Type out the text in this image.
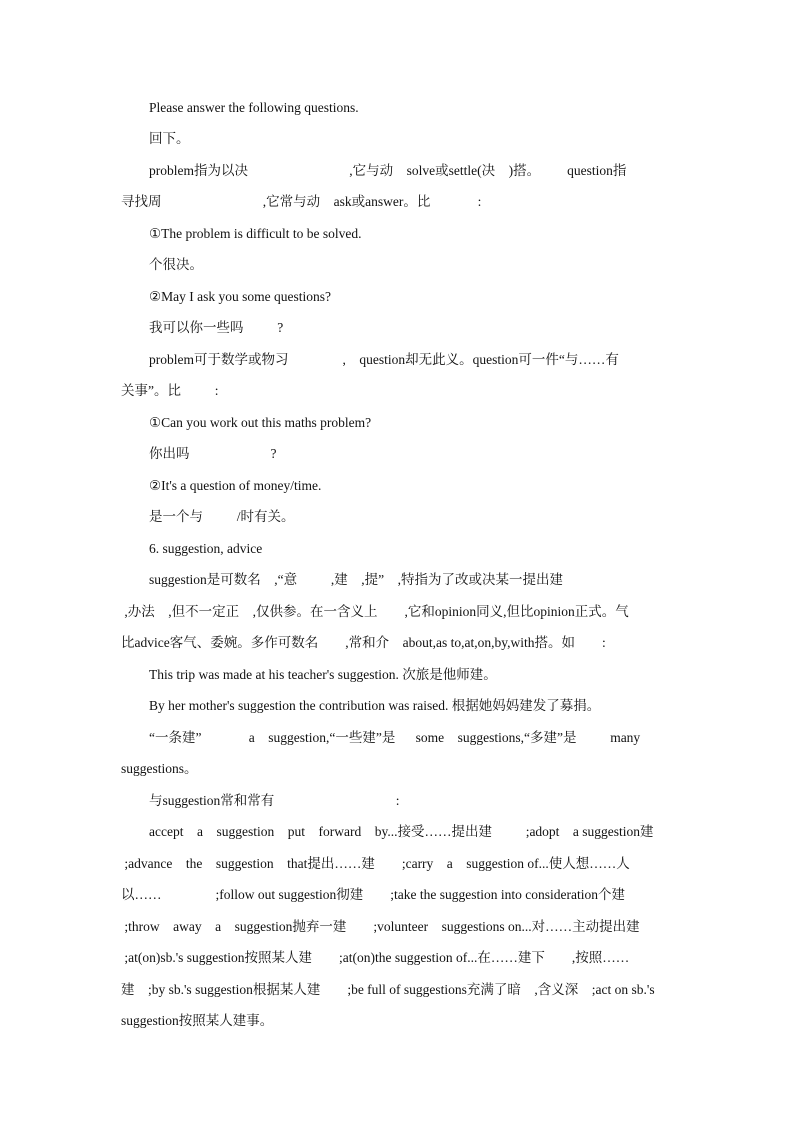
Please answer the following questions.
回下。
problem指为以决                              ,它与动    solve或settle(决    )搭。        question指
寻找周                              ,它常与动    ask或answer。比              :
①The problem is difficult to be solved.
个很决。
②May I ask you some questions?
我可以你一些吗          ?
problem可于数学或物习                ,    question却无此义。question可一件“与……有
关事”。比          :
①Can you work out this maths problem?
你出吗                        ?
②It's a question of money/time.
是一个与          /时有关。
6. suggestion, advice
suggestion是可数名    ,“意          ,建    ,提”    ,特指为了改或决某一提出建
,办法    ,但不一定正    ,仅供参。在一含义上        ,它和opinion同义,但比opinion正式。气
比advice客气、委婉。多作可数名        ,常和介    about,as to,at,on,by,with搭。如        :
This trip was made at his teacher's suggestion. 次旅是他师建。
By her mother's suggestion the contribution was raised. 根据她妈妈建发了募捐。
“一条建”              a    suggestion,“一些建”是      some    suggestions,“多建”是          many
suggestions。
与suggestion常和常有                                    :
accept    a    suggestion    put    forward    by...接受……提出建          ;adopt    a suggestion建
;advance    the    suggestion    that提出……建        ;carry    a    suggestion of...使人想……人
以……                ;follow out suggestion彻建        ;take the suggestion into consideration个建
;throw    away    a    suggestion抛弃一建        ;volunteer    suggestions on...对……主动提出建
;at(on)sb.'s suggestion按照某人建        ;at(on)the suggestion of...在……建下        ,按照……
建    ;by sb.'s suggestion根据某人建        ;be full of suggestions充满了暗    ,含义深    ;act on sb.'s
suggestion按照某人建事。
